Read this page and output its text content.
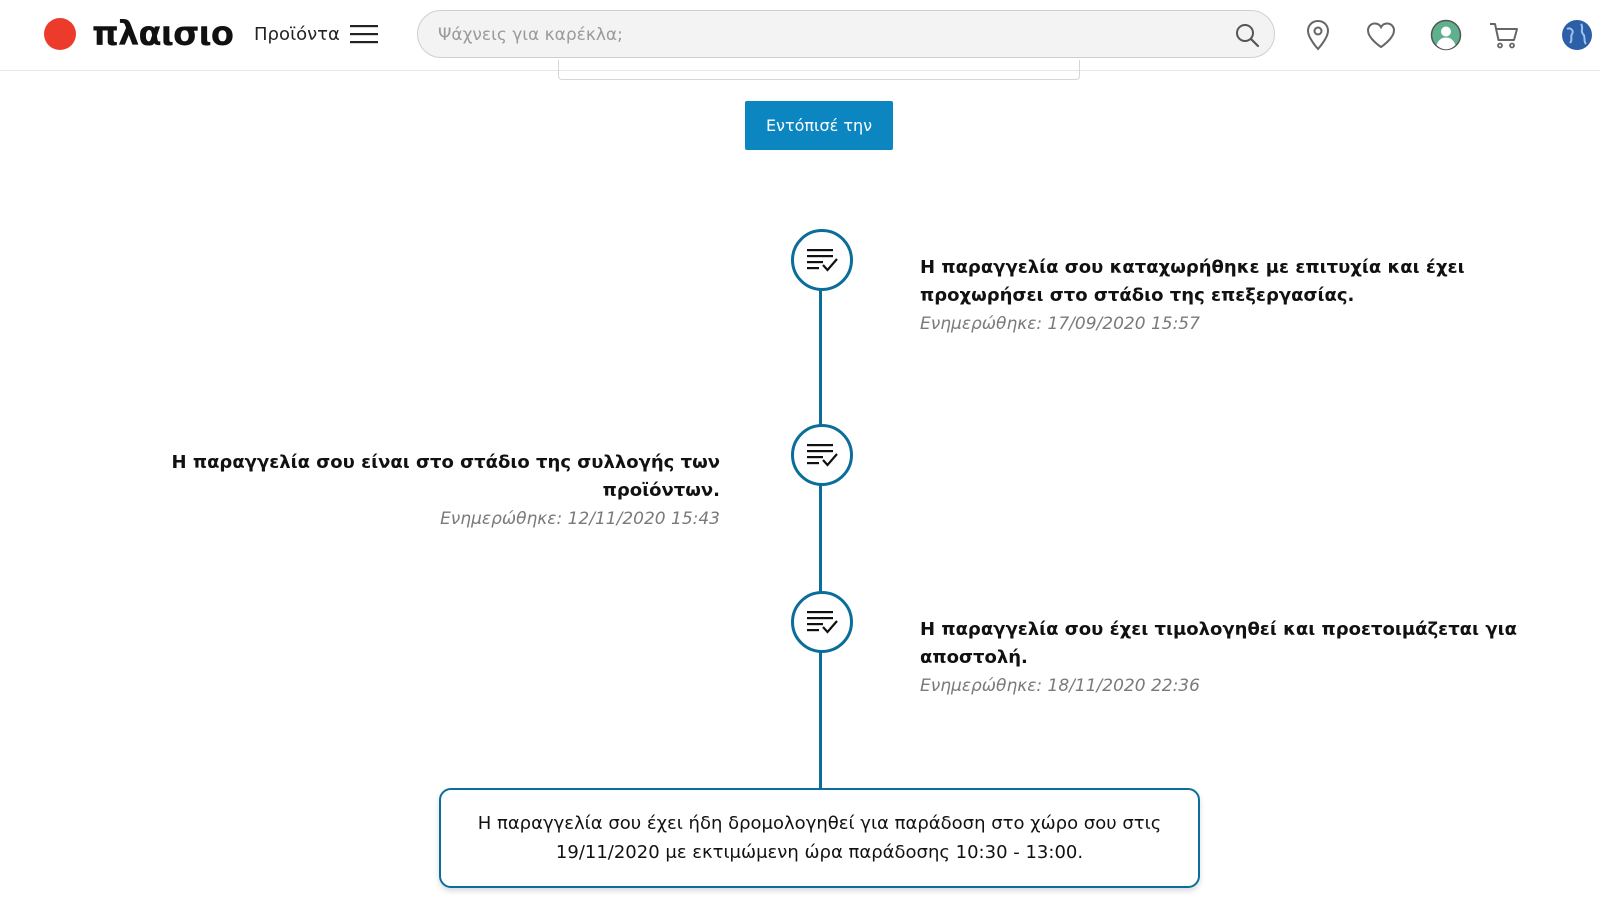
πλαισιο Προϊόντα
Ψάχνεις για καρέκλα;
Εντόπισέ την
Η παραγγελία σου καταχωρήθηκε με επιτυχία και έχει προχωρήσει στο στάδιο της επεξεργασίας.
Ενημερώθηκε: 17/09/2020 15:57
Η παραγγελία σου είναι στο στάδιο της συλλογής των προϊόντων.
Ενημερώθηκε: 12/11/2020 15:43
Η παραγγελία σου έχει τιμολογηθεί και προετοιμάζεται για αποστολή.
Ενημερώθηκε: 18/11/2020 22:36
Η παραγγελία σου έχει ήδη δρομολογηθεί για παράδοση στο χώρο σου στις 19/11/2020 με εκτιμώμενη ώρα παράδοσης 10:30 - 13:00.
